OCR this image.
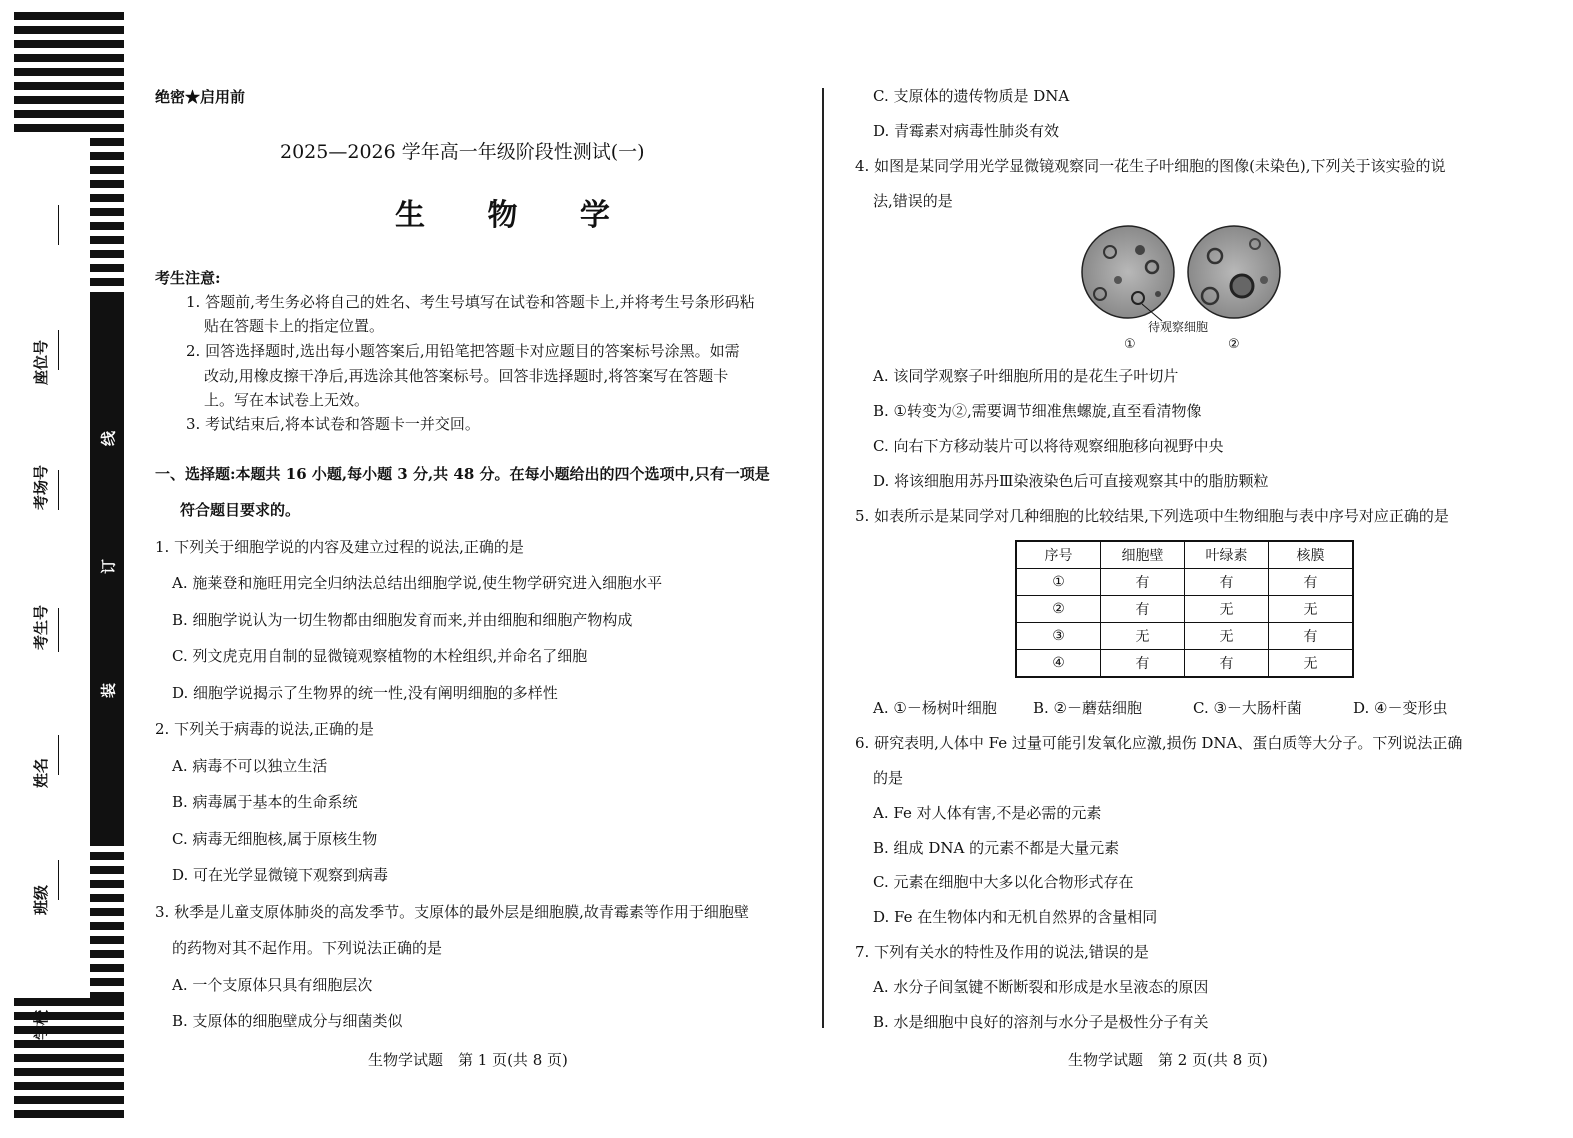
线
订
装
座位号
考场号
考生号
姓名
班级
学校
绝密★启用前
2025—2026 学年高一年级阶段性测试(一)
生 物 学
考生注意:
1. 答题前,考生务必将自己的姓名、考生号填写在试卷和答题卡上,并将考生号条形码粘
贴在答题卡上的指定位置。
2. 回答选择题时,选出每小题答案后,用铅笔把答题卡对应题目的答案标号涂黑。如需
改动,用橡皮擦干净后,再选涂其他答案标号。回答非选择题时,将答案写在答题卡
上。写在本试卷上无效。
3. 考试结束后,将本试卷和答题卡一并交回。
一、选择题:本题共 16 小题,每小题 3 分,共 48 分。在每小题给出的四个选项中,只有一项是
符合题目要求的。
1. 下列关于细胞学说的内容及建立过程的说法,正确的是
A. 施莱登和施旺用完全归纳法总结出细胞学说,使生物学研究进入细胞水平
B. 细胞学说认为一切生物都由细胞发育而来,并由细胞和细胞产物构成
C. 列文虎克用自制的显微镜观察植物的木栓组织,并命名了细胞
D. 细胞学说揭示了生物界的统一性,没有阐明细胞的多样性
2. 下列关于病毒的说法,正确的是
A. 病毒不可以独立生活
B. 病毒属于基本的生命系统
C. 病毒无细胞核,属于原核生物
D. 可在光学显微镜下观察到病毒
3. 秋季是儿童支原体肺炎的高发季节。支原体的最外层是细胞膜,故青霉素等作用于细胞壁
的药物对其不起作用。下列说法正确的是
A. 一个支原体只具有细胞层次
B. 支原体的细胞壁成分与细菌类似
生物学试题　第 1 页(共 8 页)
C. 支原体的遗传物质是 DNA
D. 青霉素对病毒性肺炎有效
4. 如图是某同学用光学显微镜观察同一花生子叶细胞的图像(未染色),下列关于该实验的说
法,错误的是
待观察细胞
①	②
A. 该同学观察子叶细胞所用的是花生子叶切片
B. ①转变为②,需要调节细准焦螺旋,直至看清物像
C. 向右下方移动装片可以将待观察细胞移向视野中央
D. 将该细胞用苏丹Ⅲ染液染色后可直接观察其中的脂肪颗粒
5. 如表所示是某同学对几种细胞的比较结果,下列选项中生物细胞与表中序号对应正确的是
序号	细胞壁	叶绿素	核膜
①	有	有	有
②	有	无	无
③	无	无	有
④	有	有	无
A. ①－杨树叶细胞 B. ②－蘑菇细胞	C. ③－大肠杆菌	D. ④－变形虫
6. 研究表明,人体中 Fe 过量可能引发氧化应激,损伤 DNA、蛋白质等大分子。下列说法正确
的是
A. Fe 对人体有害,不是必需的元素
B. 组成 DNA 的元素不都是大量元素
C. 元素在细胞中大多以化合物形式存在
D. Fe 在生物体内和无机自然界的含量相同
7. 下列有关水的特性及作用的说法,错误的是
A. 水分子间氢键不断断裂和形成是水呈液态的原因
B. 水是细胞中良好的溶剂与水分子是极性分子有关
生物学试题　第 2 页(共 8 页)
